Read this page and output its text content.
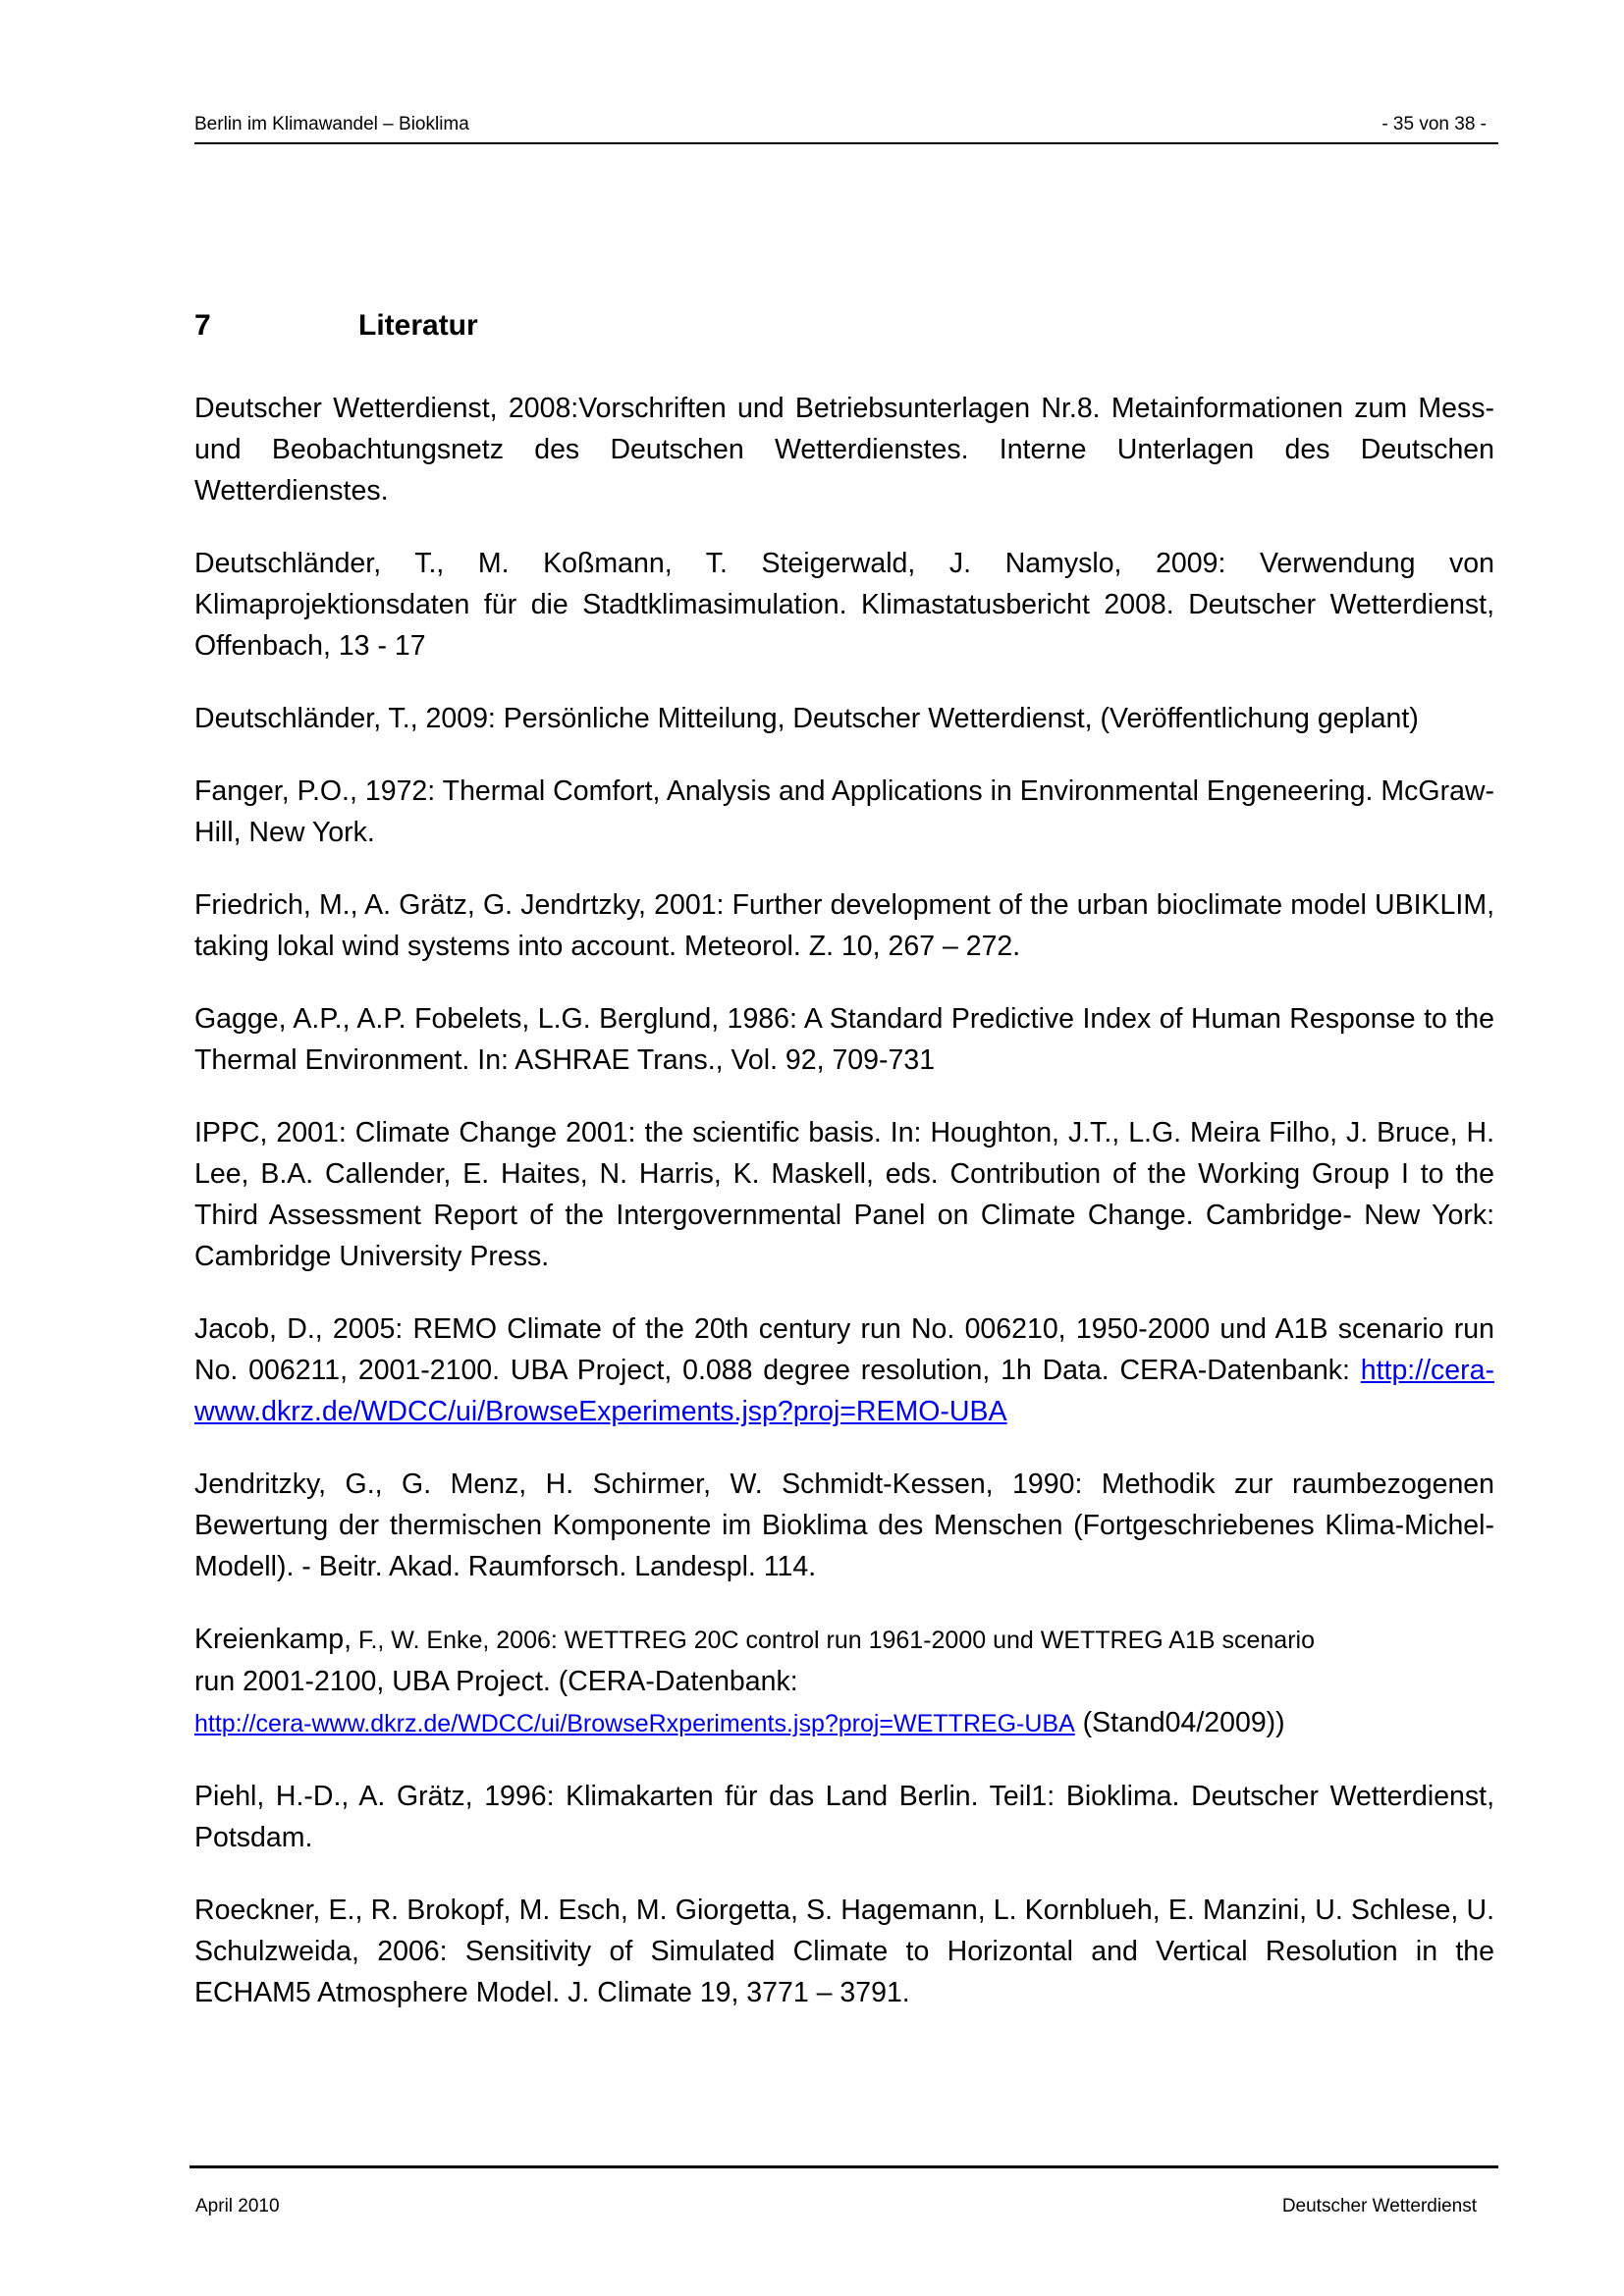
Berlin im Klimawandel – Bioklima	- 35 von 38 -
7	Literatur

Deutscher Wetterdienst, 2008:Vorschriften und Betriebsunterlagen Nr.8. Metainformationen zum Mess- und Beobachtungsnetz des Deutschen Wetterdienstes. Interne Unterlagen des Deutschen Wetterdienstes.

Deutschländer, T., M. Koßmann, T. Steigerwald, J. Namyslo, 2009: Verwendung von Klimaprojektionsdaten für die Stadtklimasimulation. Klimastatusbericht 2008. Deutscher Wetterdienst, Offenbach, 13 - 17

Deutschländer, T., 2009: Persönliche Mitteilung, Deutscher Wetterdienst, (Veröffentlichung geplant)

Fanger, P.O., 1972: Thermal Comfort, Analysis and Applications in Environmental Engeneering. McGraw-Hill, New York.

Friedrich, M., A. Grätz, G. Jendrtzky, 2001: Further development of the urban bioclimate model UBIKLIM, taking lokal wind systems into account. Meteorol. Z. 10, 267 – 272.

Gagge, A.P., A.P. Fobelets, L.G. Berglund, 1986: A Standard Predictive Index of Human Response to the Thermal Environment. In: ASHRAE Trans., Vol. 92, 709-731

IPPC, 2001: Climate Change 2001: the scientific basis. In: Houghton, J.T., L.G. Meira Filho, J. Bruce, H. Lee, B.A. Callender, E. Haites, N. Harris, K. Maskell, eds. Contribution of the Working Group I to the Third Assessment Report of the Intergovernmental Panel on Climate Change. Cambridge- New York: Cambridge University Press.

Jacob, D., 2005: REMO Climate of the 20th century run No. 006210, 1950-2000 und A1B scenario run No. 006211, 2001-2100. UBA Project, 0.088 degree resolution, 1h Data. CERA-Datenbank: http://cera-www.dkrz.de/WDCC/ui/BrowseExperiments.jsp?proj=REMO-UBA

Jendritzky, G., G. Menz, H. Schirmer, W. Schmidt-Kessen, 1990: Methodik zur raumbezogenen Bewertung der thermischen Komponente im Bioklima des Menschen (Fortgeschriebenes Klima-Michel-Modell). - Beitr. Akad. Raumforsch. Landespl. 114.

Kreienkamp, F., W. Enke, 2006: WETTREG 20C control run 1961-2000 und WETTREG A1B scenario
run 2001-2100, UBA Project. (CERA-Datenbank:
http://cera-www.dkrz.de/WDCC/ui/BrowseRxperiments.jsp?proj=WETTREG-UBA (Stand04/2009))

Piehl, H.-D., A. Grätz, 1996: Klimakarten für das Land Berlin. Teil1: Bioklima. Deutscher Wetterdienst, Potsdam.

Roeckner, E., R. Brokopf, M. Esch, M. Giorgetta, S. Hagemann, L. Kornblueh, E. Manzini, U. Schlese, U. Schulzweida, 2006: Sensitivity of Simulated Climate to Horizontal and Vertical Resolution in the ECHAM5 Atmosphere Model. J. Climate 19, 3771 – 3791.

April 2010	Deutscher Wetterdienst
